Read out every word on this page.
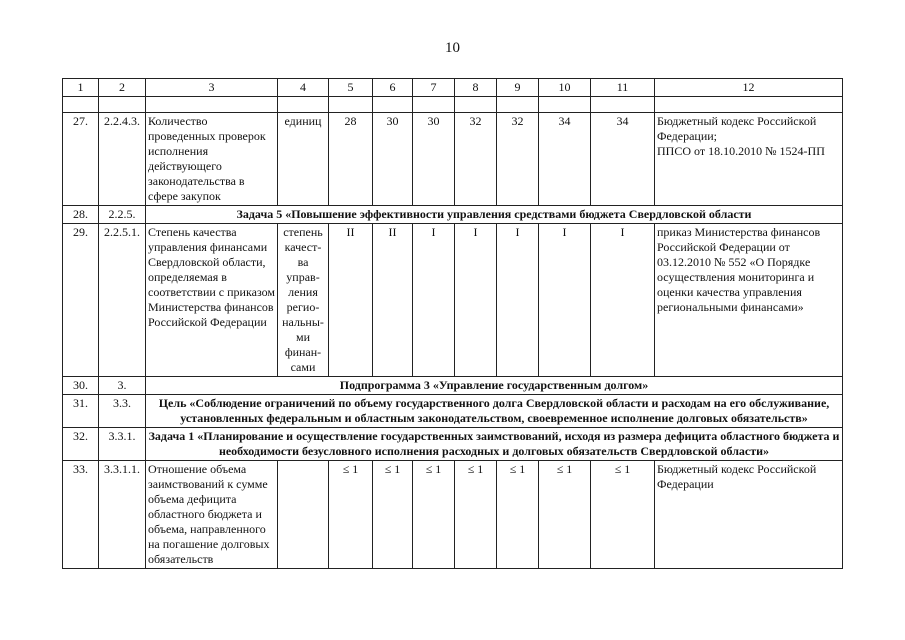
10
1	2	3	4	5	6	7	8	9	10	11	12

27.	2.2.4.3.	Количество проведенных проверок исполнения действующего законодательства в сфере закупок	единиц	28	30	30	32	32	34	34	Бюджетный кодекс Российской Федерации;
ППСО от 18.10.2010 № 1524-ПП
28.	2.2.5.	Задача 5 «Повышение эффективности управления средствами бюджета Свердловской области									
29.	2.2.5.1.	Степень качества управления финансами Свердловской области, определяемая в соответствии с приказом Министерства финансов Российской Федерации	степень качест-ва управ-ления регио-нальны-ми финан-сами	II	II	I	I	I	I	I	приказ Министерства финансов Российской Федерации от 03.12.2010 № 552 «О Порядке осуществления мониторинга и оценки качества управления региональными финансами»
30.	3.	Подпрограмма 3 «Управление государственным долгом»									
31.	3.3.	Цель «Соблюдение ограничений по объему государственного долга Свердловской области и расходам на его обслуживание, установленных федеральным и областным законодательством, своевременное исполнение долговых обязательств»									
32.	3.3.1.	Задача 1 «Планирование и осуществление государственных заимствований, исходя из размера дефицита областного бюджета и необходимости безусловного исполнения расходных и долговых обязательств Свердловской области»									
33.	3.3.1.1.	Отношение объема заимствований к сумме объема дефицита областного бюджета и объема, направленного на погашение долговых обязательств		≤ 1	≤ 1	≤ 1	≤ 1	≤ 1	≤ 1	≤ 1	Бюджетный кодекс Российской Федерации
